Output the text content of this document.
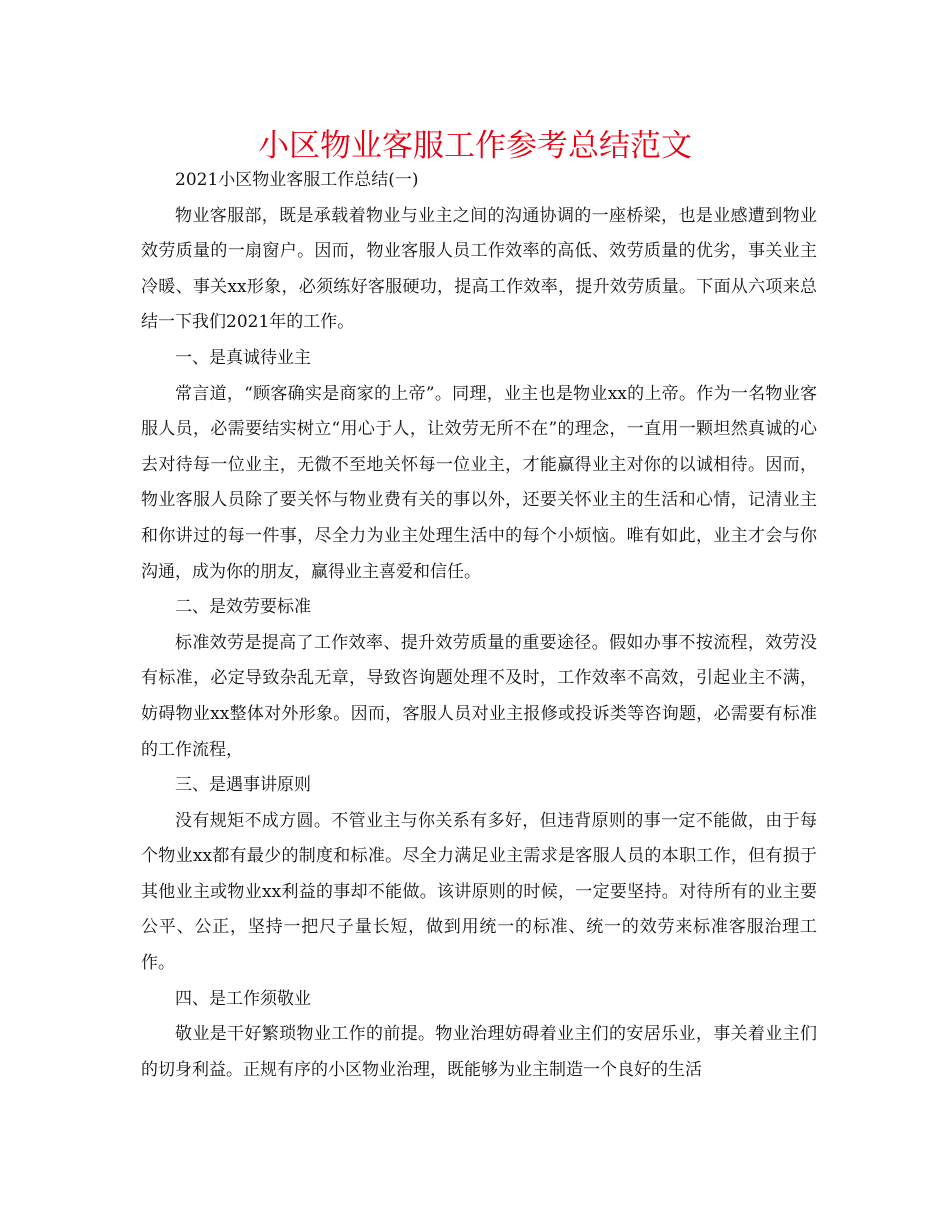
小区物业客服工作参考总结范文

2021小区物业客服工作总结(一)

物业客服部，既是承载着物业与业主之间的沟通协调的一座桥梁，也是业感遭到物业效劳质量的一扇窗户。因而，物业客服人员工作效率的高低、效劳质量的优劣，事关业主冷暖、事关xx形象，必须练好客服硬功，提高工作效率，提升效劳质量。下面从六项来总结一下我们2021年的工作。

一、是真诚待业主

常言道，“顾客确实是商家的上帝”。同理，业主也是物业xx的上帝。作为一名物业客服人员，必需要结实树立“用心于人，让效劳无所不在”的理念，一直用一颗坦然真诚的心去对待每一位业主，无微不至地关怀每一位业主，才能赢得业主对你的以诚相待。因而，物业客服人员除了要关怀与物业费有关的事以外，还要关怀业主的生活和心情，记清业主和你讲过的每一件事，尽全力为业主处理生活中的每个小烦恼。唯有如此，业主才会与你沟通，成为你的朋友，赢得业主喜爱和信任。

二、是效劳要标准

标准效劳是提高了工作效率、提升效劳质量的重要途径。假如办事不按流程，效劳没有标准，必定导致杂乱无章，导致咨询题处理不及时，工作效率不高效，引起业主不满，妨碍物业xx整体对外形象。因而，客服人员对业主报修或投诉类等咨询题，必需要有标准的工作流程，

三、是遇事讲原则

没有规矩不成方圆。不管业主与你关系有多好，但违背原则的事一定不能做，由于每个物业xx都有最少的制度和标准。尽全力满足业主需求是客服人员的本职工作，但有损于其他业主或物业xx利益的事却不能做。该讲原则的时候，一定要坚持。对待所有的业主要公平、公正，坚持一把尺子量长短，做到用统一的标准、统一的效劳来标准客服治理工作。

四、是工作须敬业

敬业是干好繁琐物业工作的前提。物业治理妨碍着业主们的安居乐业，事关着业主们的切身利益。正规有序的小区物业治理，既能够为业主制造一个良好的生活
